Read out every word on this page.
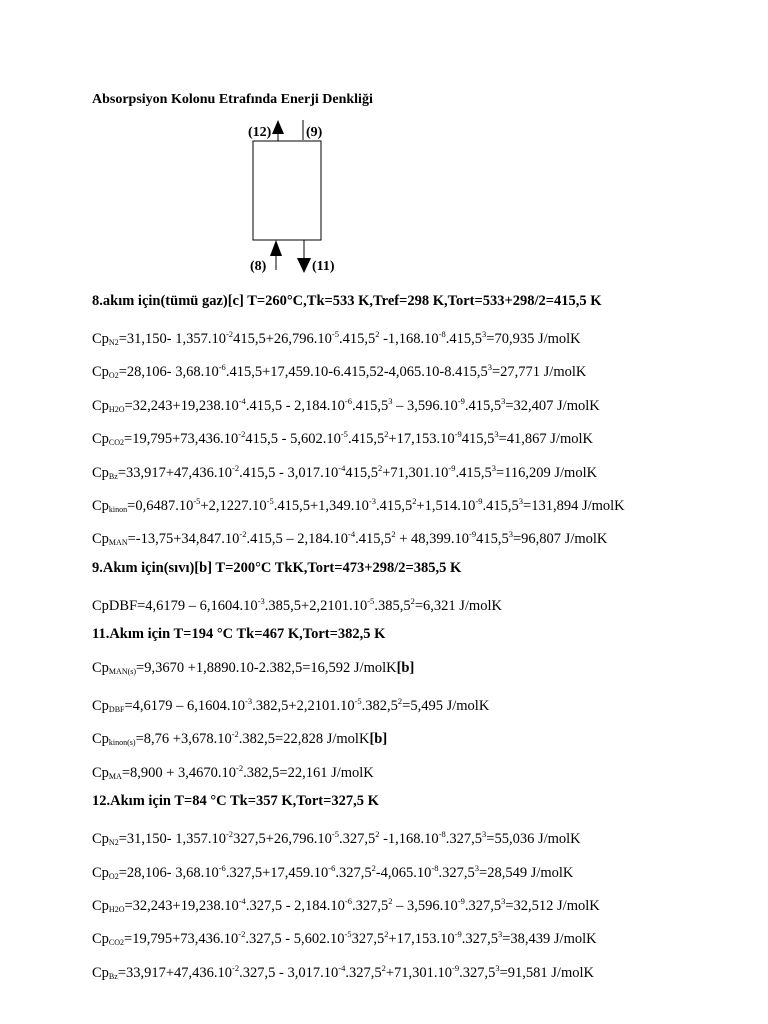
Absorpsiyon Kolonu Etrafında Enerji Denkliği
(12) (9)
(8)	(11)
8.akım için(tümü gaz)[c] T=260°C,Tk=533 K,Tref=298 K,Tort=533+298/2=415,5 K
$Cp_{N2}=31,150-$ $1,357.10^{-2}415,5+26,796.10^{-5}.415,5^2$ $-1,168.10^{-8}.415,5^3=70,935$ J/molK
$Cp_{O2}=28,106-$ $3,68.10^{-6}.415,5+17,459.10-6.415,52-4,065.10-8.415,5^3=27,771$ J/molK
$Cp_{H2O}=32,243+19,238.10^{-4}.415,5 - 2,184.10^{-6}.415,5^3 - 3,596.10^{-9}.415,5^3=32,407$ J/molK
$Cp_{CO2}=19,795+73,436.10^{-2}415,5 - 5,602.10^{-5}.415,5^2+17,153.10^{-9}415,5^3=41,867$ J/molK
$Cp_{Bz}=33,917+47,436.10^{-2}.415,5 - 3,017.10^{-4}415,5^2+71,301.10^{-9}.415,5^3=116,209$ J/molK
$Cp_{kinon}=0,6487.10^{-5}+2,1227.10^{-5}.415,5+1,349.10^{-3}.415,5^2+1,514.10^{-9}.415,5^3=131,894$ J/molK
$Cp_{MAN}=-13,75+34,847.10^{-2}.415,5 - 2,184.10^{-4}.415,5^2 + 48,399.10^{-9}415,5^3=96,807$ J/molK
9.Akım için(sıvı)[b] T=200°C TkK,Tort=473+298/2=385,5 K
CpDBF=4,6179 – $6,1604.10^{-3}.385,5+2,2101.10^{-5}.385,5^2=6,321$ J/molK
11.Akım için T=194 °C Tk=467 K,Tort=382,5 K
$Cp_{MAN(s)}=9,3670 +1,8890.10-2.382,5=16,592$ J/molK[b]
$Cp_{DBF}=4,6179 - 6,1604.10^{-3}.382,5+2,2101.10^{-5}.382,5^2=5,495$ J/molK
$Cp_{kinon(s)}=8,76 +3,678.10^{-2}.382,5=22,828$ J/molK[b]
$Cp_{MA}=8,900 + 3,4670.10^{-2}.382,5=22,161$ J/molK
12.Akım için T=84 °C Tk=357 K,Tort=327,5 K
$Cp_{N2}=31,150-$ $1,357.10^{-2}327,5+26,796.10^{-5}.327,5^2$ $-1,168.10^{-8}.327,5^3=55,036$ J/molK
$Cp_{O2}=28,106-$ $3,68.10^{-6}.327,5+17,459.10^{-6}.327,5^2-4,065.10^{-8}.327,5^3=28,549$ J/molK
$Cp_{H2O}=32,243+19,238.10^{-4}.327,5 - 2,184.10^{-6}.327,5^2 - 3,596.10^{-9}.327,5^3=32,512$ J/molK
$Cp_{CO2}=19,795+73,436.10^{-2}.327,5 - 5,602.10^{-5}327,5^2+17,153.10^{-9}.327,5^3=38,439$ J/molK
$Cp_{Bz}=33,917+47,436.10^{-2}.327,5 - 3,017.10^{-4}.327,5^2+71,301.10^{-9}.327,5^3=91,581$ J/molK
